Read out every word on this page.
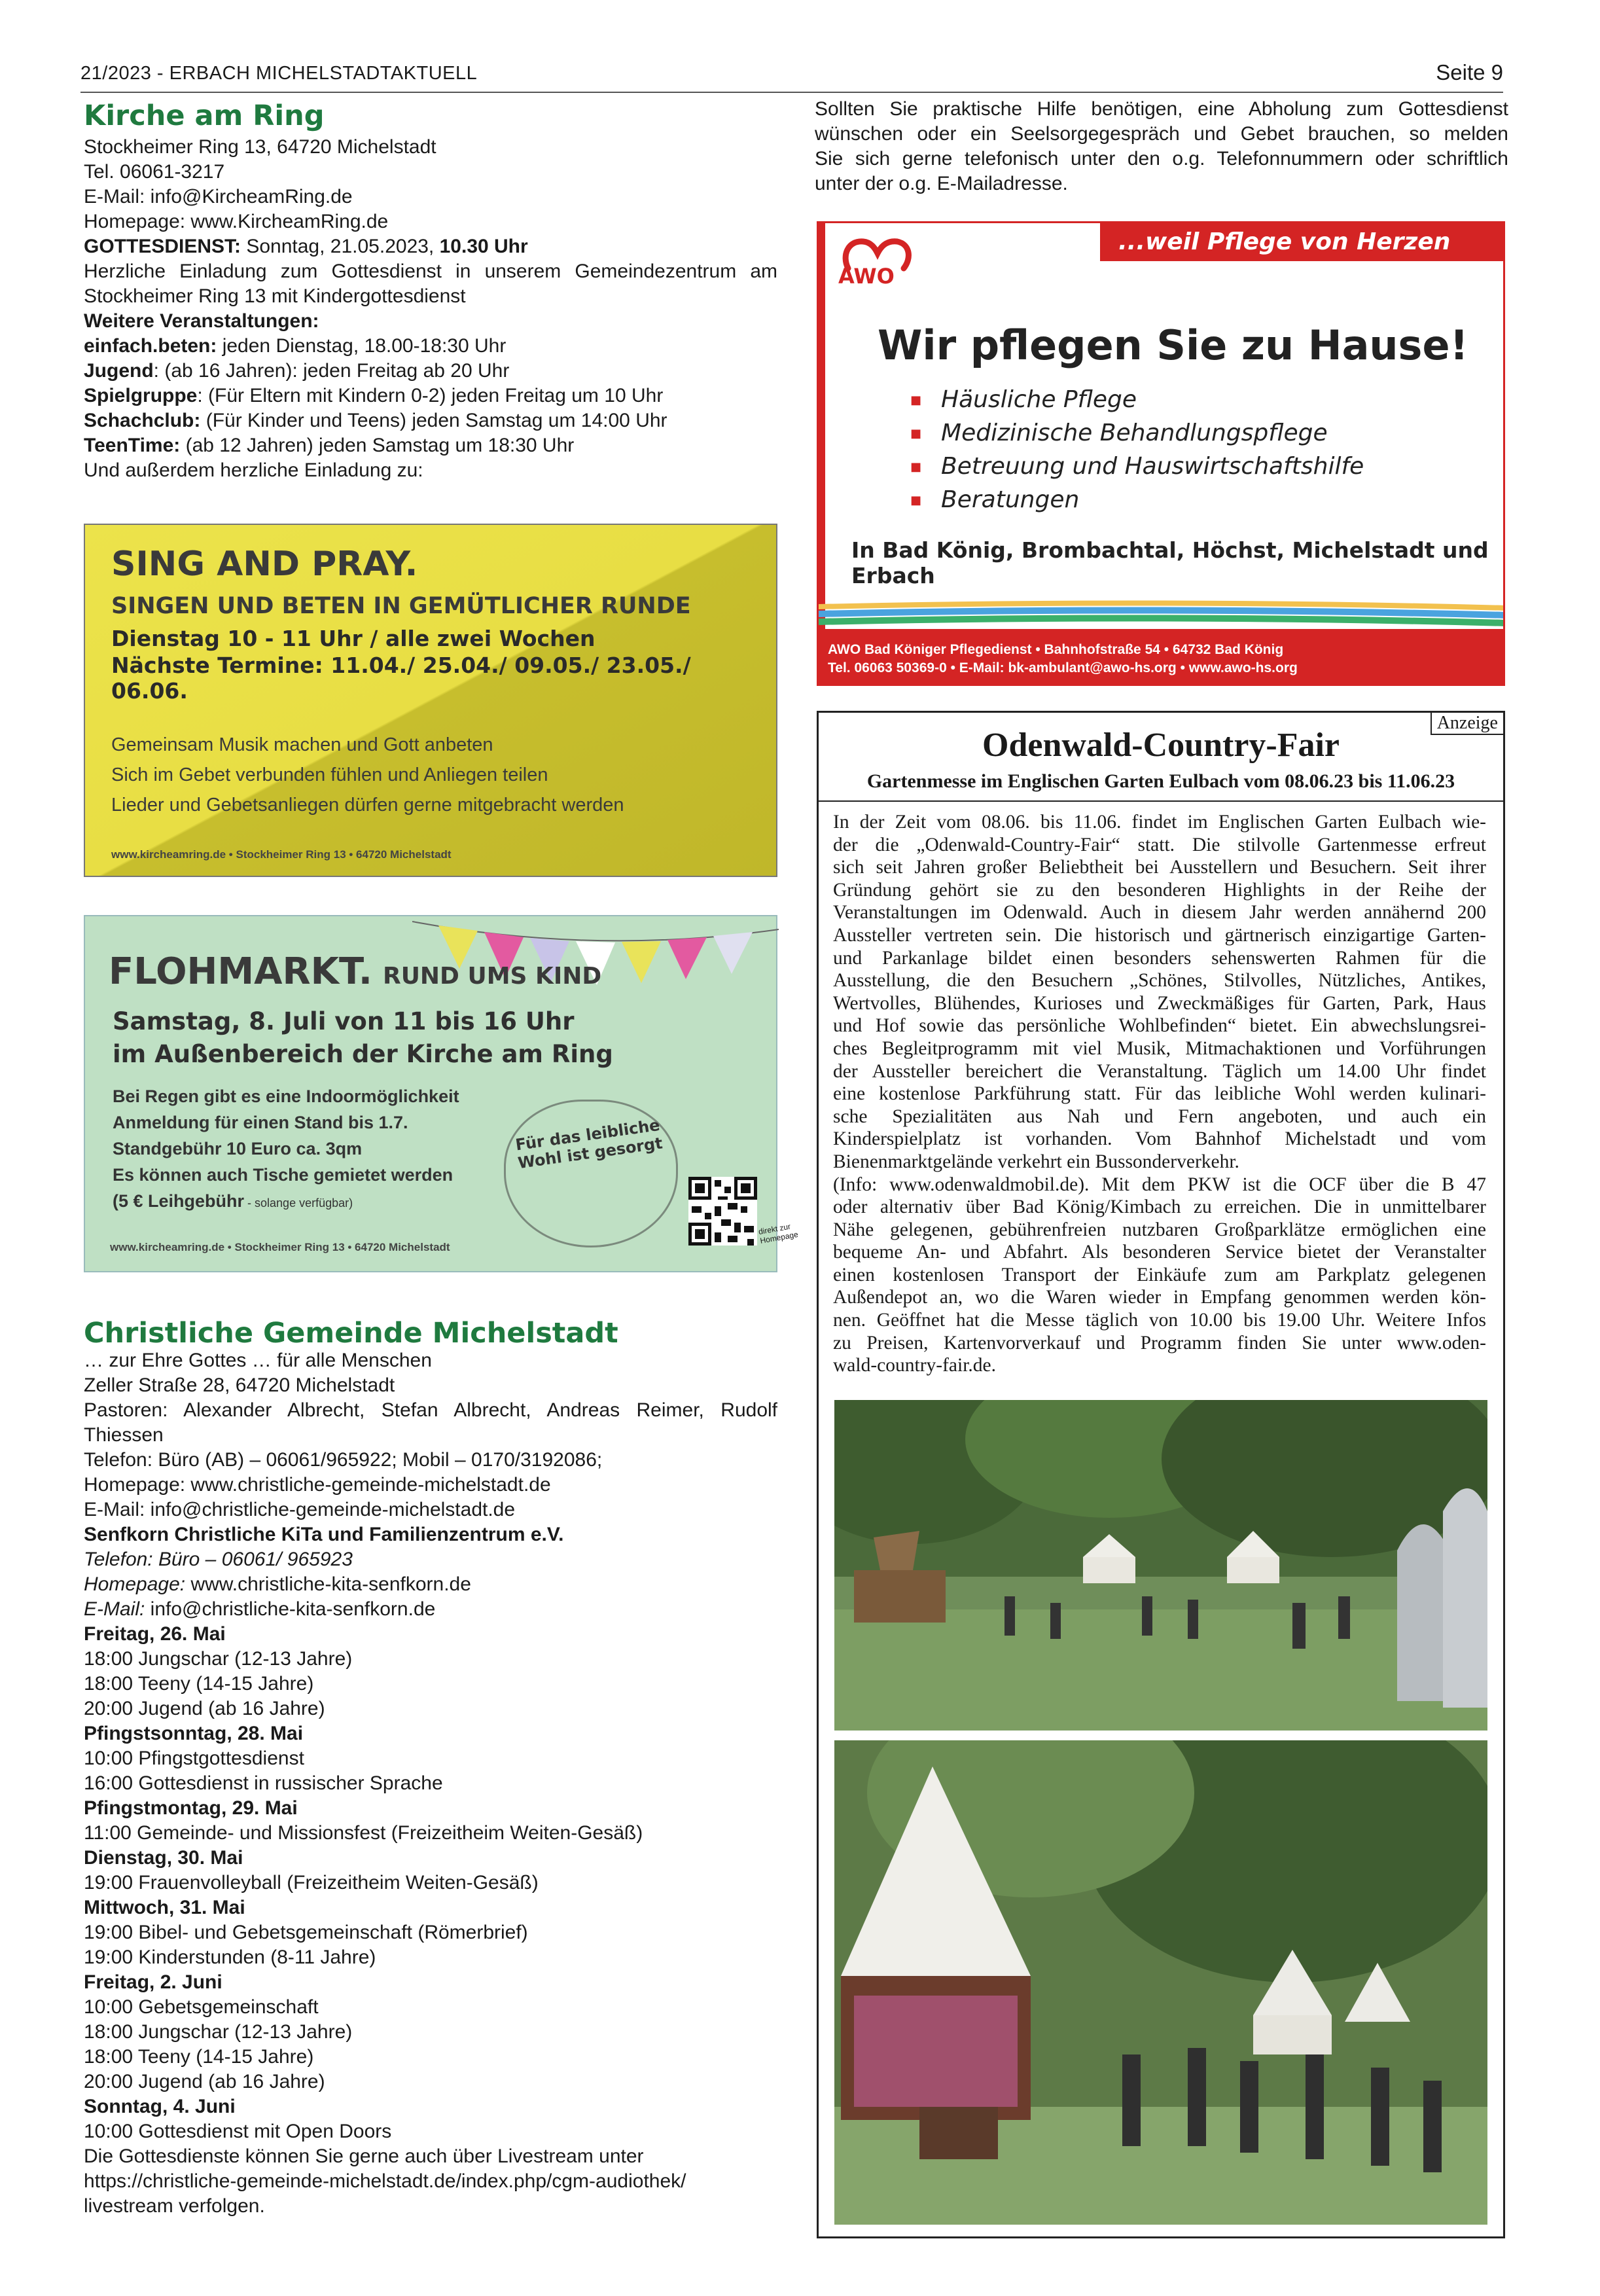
21/2023 - ERBACH MICHELSTADTAKTUELL	Seite 9
Kirche am Ring
Stockheimer Ring 13, 64720 Michelstadt
Tel. 06061-3217
E-Mail: info@KircheamRing.de
Homepage: www.KircheamRing.de
GOTTESDIENST: Sonntag, 21.05.2023, 10.30 Uhr
Herzliche Einladung zum Gottesdienst in unserem Gemeindezentrum am
Stockheimer Ring 13 mit Kindergottesdienst
Weitere Veranstaltungen:
einfach.beten: jeden Dienstag, 18.00-18:30 Uhr
Jugend: (ab 16 Jahren): jeden Freitag ab 20 Uhr
Spielgruppe: (Für Eltern mit Kindern 0-2) jeden Freitag um 10 Uhr
Schachclub: (Für Kinder und Teens) jeden Samstag um 14:00 Uhr
TeenTime: (ab 12 Jahren) jeden Samstag um 18:30 Uhr
Und außerdem herzliche Einladung zu:
SING AND PRAY.
SINGEN UND BETEN IN GEMÜTLICHER RUNDE
Dienstag 10 - 11 Uhr / alle zwei Wochen
Nächste Termine: 11.04./ 25.04./ 09.05./ 23.05./ 06.06.
Gemeinsam Musik machen und Gott anbeten
Sich im Gebet verbunden fühlen und Anliegen teilen
Lieder und Gebetsanliegen dürfen gerne mitgebracht werden
www.kircheamring.de • Stockheimer Ring 13 • 64720 Michelstadt
FLOHMARKT. RUND UMS KIND
Samstag, 8. Juli von 11 bis 16 Uhr
im Außenbereich der Kirche am Ring
Bei Regen gibt es eine Indoormöglichkeit
Anmeldung für einen Stand bis 1.7.
Standgebühr 10 Euro ca. 3qm
Es können auch Tische gemietet werden
(5 € Leihgebühr - solange verfügbar)
Für das leibliche Wohl ist gesorgt
direkt zur Homepage
www.kircheamring.de • Stockheimer Ring 13 • 64720 Michelstadt
Christliche Gemeinde Michelstadt
… zur Ehre Gottes … für alle Menschen
Zeller Straße 28, 64720 Michelstadt
Pastoren: Alexander Albrecht, Stefan Albrecht, Andreas Reimer, Rudolf
Thiessen
Telefon: Büro (AB) – 06061/965922; Mobil – 0170/3192086;
Homepage: www.christliche-gemeinde-michelstadt.de
E-Mail: info@christliche-gemeinde-michelstadt.de
Senfkorn Christliche KiTa und Familienzentrum e.V.
Telefon: Büro – 06061/ 965923
Homepage: www.christliche-kita-senfkorn.de
E-Mail: info@christliche-kita-senfkorn.de
Freitag, 26. Mai
18:00 Jungschar (12-13 Jahre)
18:00 Teeny (14-15 Jahre)
20:00 Jugend (ab 16 Jahre)
Pfingstsonntag, 28. Mai
10:00 Pfingstgottesdienst
16:00 Gottesdienst in russischer Sprache
Pfingstmontag, 29. Mai
11:00 Gemeinde- und Missionsfest (Freizeitheim Weiten-Gesäß)
Dienstag, 30. Mai
19:00 Frauenvolleyball (Freizeitheim Weiten-Gesäß)
Mittwoch, 31. Mai
19:00 Bibel- und Gebetsgemeinschaft (Römerbrief)
19:00 Kinderstunden (8-11 Jahre)
Freitag, 2. Juni
10:00 Gebetsgemeinschaft
18:00 Jungschar (12-13 Jahre)
18:00 Teeny (14-15 Jahre)
20:00 Jugend (ab 16 Jahre)
Sonntag, 4. Juni
10:00 Gottesdienst mit Open Doors
Die Gottesdienste können Sie gerne auch über Livestream unter
https://christliche-gemeinde-michelstadt.de/index.php/cgm-audiothek/
livestream verfolgen.
Sollten Sie praktische Hilfe benötigen, eine Abholung zum Gottesdienst
wünschen oder ein Seelsorgegespräch und Gebet brauchen, so melden
Sie sich gerne telefonisch unter den o.g. Telefonnummern oder schriftlich
unter der o.g. E-Mailadresse.
...weil Pflege von Herzen kommt
AWO
Wir pflegen Sie zu Hause!
■ Häusliche Pflege
■ Medizinische Behandlungspflege
■ Betreuung und Hauswirtschaftshilfe
■ Beratungen
In Bad König, Brombachtal, Höchst, Michelstadt und Erbach
AWO Bad Königer Pflegedienst • Bahnhofstraße 54 • 64732 Bad König
Tel. 06063 50369-0 • E-Mail: bk-ambulant@awo-hs.org • www.awo-hs.org
Anzeige
Odenwald-Country-Fair
Gartenmesse im Englischen Garten Eulbach vom 08.06.23 bis 11.06.23
In der Zeit vom 08.06. bis 11.06. findet im Englischen Garten Eulbach wie-
der die „Odenwald-Country-Fair“ statt. Die stilvolle Gartenmesse erfreut
sich seit Jahren großer Beliebtheit bei Ausstellern und Besuchern. Seit ihrer
Gründung gehört sie zu den besonderen Highlights in der Reihe der
Veranstaltungen im Odenwald. Auch in diesem Jahr werden annähernd 200
Aussteller vertreten sein. Die historisch und gärtnerisch einzigartige Garten-
und Parkanlage bildet einen besonders sehenswerten Rahmen für die
Ausstellung, die den Besuchern „Schönes, Stilvolles, Nützliches, Antikes,
Wertvolles, Blühendes, Kurioses und Zweckmäßiges für Garten, Park, Haus
und Hof sowie das persönliche Wohlbefinden“ bietet. Ein abwechslungsrei-
ches Begleitprogramm mit viel Musik, Mitmachaktionen und Vorführungen
der Aussteller bereichert die Veranstaltung. Täglich um 14.00 Uhr findet
eine kostenlose Parkführung statt. Für das leibliche Wohl werden kulinari-
sche Spezialitäten aus Nah und Fern angeboten, und auch ein
Kinderspielplatz ist vorhanden. Vom Bahnhof Michelstadt und vom
Bienenmarktgelände verkehrt ein Bussonderverkehr.
(Info: www.odenwaldmobil.de). Mit dem PKW ist die OCF über die B 47
oder alternativ über Bad König/Kimbach zu erreichen. Die in unmittelbarer
Nähe gelegenen, gebührenfreien nutzbaren Großparklätze ermöglichen eine
bequeme An- und Abfahrt. Als besonderen Service bietet der Veranstalter
einen kostenlosen Transport der Einkäufe zum am Parkplatz gelegenen
Außendepot an, wo die Waren wieder in Empfang genommen werden kön-
nen. Geöffnet hat die Messe täglich von 10.00 bis 19.00 Uhr. Weitere Infos
zu Preisen, Kartenvorverkauf und Programm finden Sie unter www.oden-
wald-country-fair.de.
